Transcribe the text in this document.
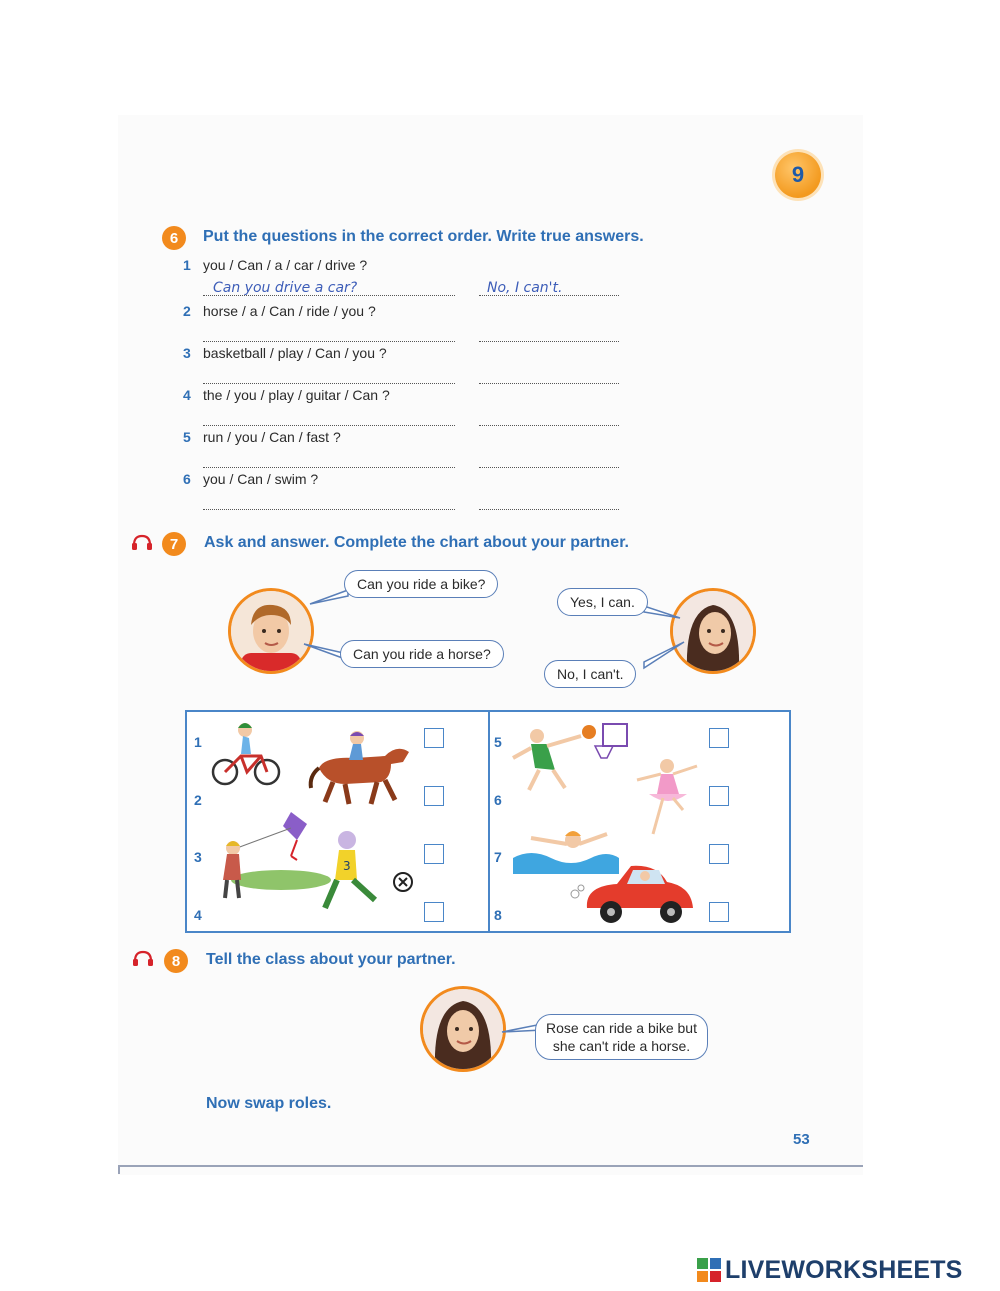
9
6	Put the questions in the correct order. Write true answers.
1 you / Can / a / car / drive ?
Can you drive a car?	No, I can't.
2 horse / a / Can / ride / you ?
3 basketball / play / Can / you ?
4 the / you / play / guitar / Can ?
5 run / you / Can / fast ?
6 you / Can / swim ?
7	Ask and answer. Complete the chart about your partner.
Can you ride a bike?
Can you ride a horse?
Yes, I can.
No, I can't.
1
2
3
4
5
6
7
8
3
8	Tell the class about your partner.
Rose can ride a bike but
she can't ride a horse.
Now swap roles.
53
LIVEWORKSHEETS
